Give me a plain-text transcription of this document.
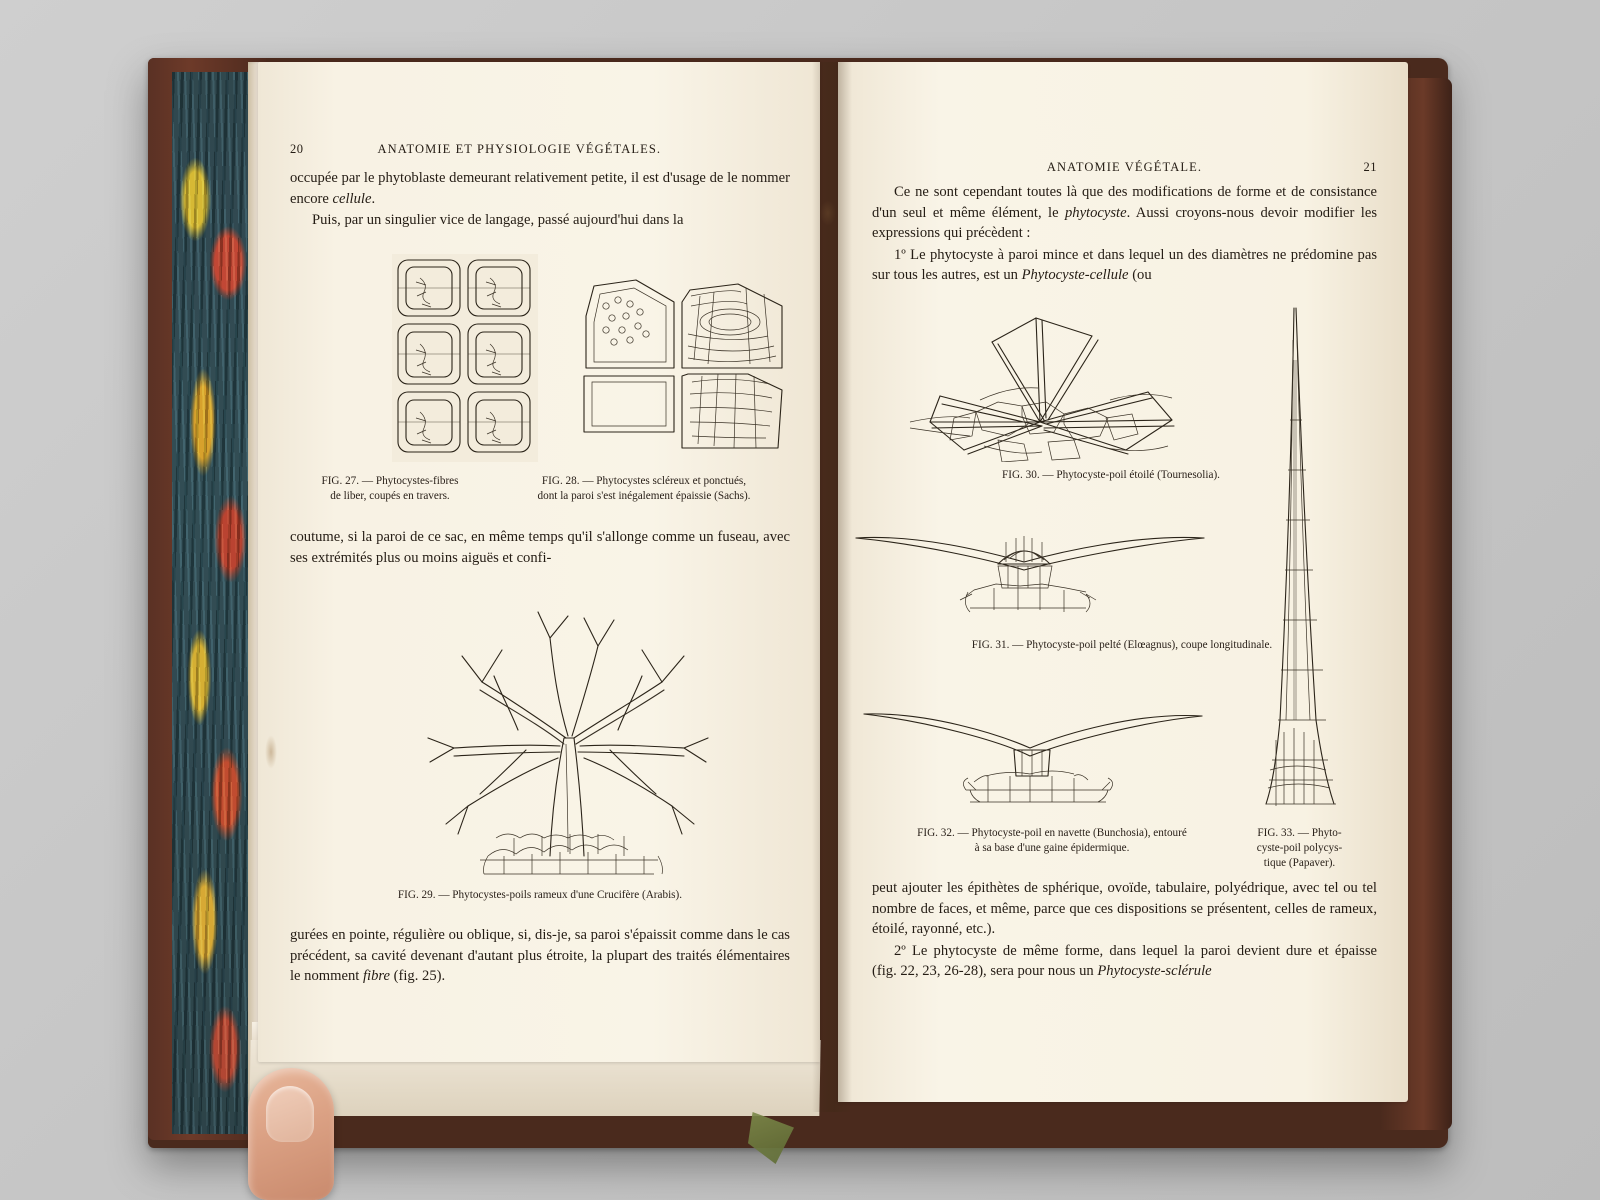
20	ANATOMIE ET PHYSIOLOGIE VÉGÉTALES.

occupée par le phytoblaste demeurant relativement petite, il est d'usage de le nommer encore cellule.

Puis, par un singulier vice de langage, passé aujourd'hui dans la

FIG. 27. — Phytocystes-fibres
de liber, coupés en travers.
FIG. 28. — Phytocystes scléreux et ponctués,
dont la paroi s'est inégalement épaissie (Sachs).

coutume, si la paroi de ce sac, en même temps qu'il s'allonge comme un fuseau, avec ses extrémités plus ou moins aiguës et confi-

FIG. 29. — Phytocystes-poils rameux d'une Crucifère (Arabis).

gurées en pointe, régulière ou oblique, si, dis-je, sa paroi s'épaissit comme dans le cas précédent, sa cavité devenant d'autant plus étroite, la plupart des traités élémentaires le nomment fibre (fig. 25).

ANATOMIE VÉGÉTALE.	21

Ce ne sont cependant toutes là que des modifications de forme et de consistance d'un seul et même élément, le phytocyste. Aussi croyons-nous devoir modifier les expressions qui précèdent :

1º Le phytocyste à paroi mince et dans lequel un des diamètres ne prédomine pas sur tous les autres, est un Phytocyste-cellule (ou

FIG. 30. — Phytocyste-poil étoilé (Tournesolia).
FIG. 31. — Phytocyste-poil pelté (Elœagnus), coupe longitudinale.
FIG. 32. — Phytocyste-poil en navette (Bunchosia), entouré
à sa base d'une gaine épidermique.
FIG. 33. — Phyto-
cyste-poil polycys-
tique (Papaver).

peut ajouter les épithètes de sphérique, ovoïde, tabulaire, polyédrique, avec tel ou tel nombre de faces, et même, parce que ces dispositions se présentent, celles de rameux, étoilé, rayonné, etc.).

2º Le phytocyste de même forme, dans lequel la paroi devient dure et épaisse (fig. 22, 23, 26-28), sera pour nous un Phytocyste-sclérule
